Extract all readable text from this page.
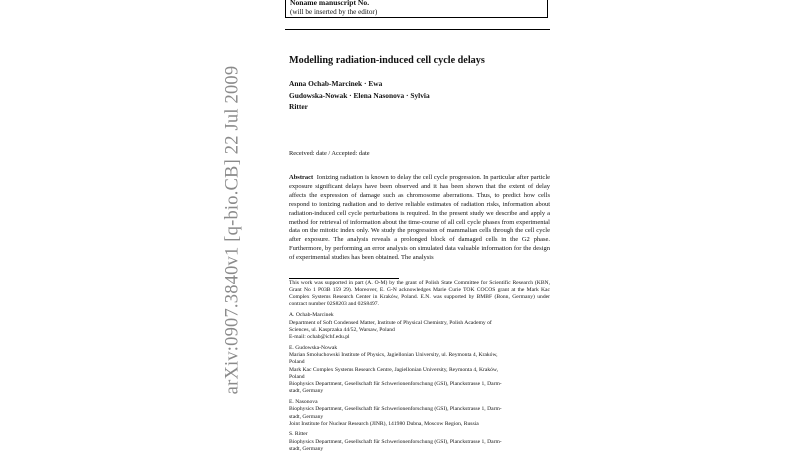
arXiv:0907.3840v1 [q-bio.CB] 22 Jul 2009
Noname manuscript No.
(will be inserted by the editor)
Modelling radiation-induced cell cycle delays
Anna Ochab-Marcinek · Ewa
Gudowska-Nowak · Elena Nasonova · Sylvia
Ritter
Received: date / Accepted: date

Abstract Ionizing radiation is known to delay the cell cycle progression. In particular after particle exposure significant delays have been observed and it has been shown that the extent of delay affects the expression of damage such as chromosome aberrations. Thus, to predict how cells respond to ionizing radiation and to derive reliable estimates of radiation risks, information about radiation-induced cell cycle perturbations is required. In the present study we describe and apply a method for retrieval of information about the time-course of all cell cycle phases from experimental data on the mitotic index only. We study the progression of mammalian cells through the cell cycle after exposure. The analysis reveals a prolonged block of damaged cells in the G2 phase. Furthermore, by performing an error analysis on simulated data valuable information for the design of experimental studies has been obtained. The analysis

This work was supported in part (A. O-M) by the grant of Polish State Committee for Scientific Research (KBN, Grant No 1 P03B 159 29). Moreover, E. G-N acknowledges Marie Curie TOK COCOS grant at the Mark Kac Complex Systems Research Center in Kraków, Poland. E.N. was supported by BMBF (Bonn, Germany) under contract number 02S8203 and 02S8497.

A. Ochab-Marcinek
Department of Soft Condensed Matter, Institute of Physical Chemistry, Polish Academy of
Sciences, ul. Kasprzaka 44/52, Warsaw, Poland
E-mail: ochab@ichf.edu.pl
E. Gudowska-Nowak
Marian Smoluchowski Institute of Physics, Jagiellonian University, ul. Reymonta 4, Kraków,
Poland
Mark Kac Complex Systems Research Centre, Jagiellonian University, Reymonta 4, Kraków,
Poland
Biophysics Department, Gesellschaft für Schwerionenforschung (GSI), Planckstrasse 1, Darm-
stadt, Germany
E. Nasonova
Biophysics Department, Gesellschaft für Schwerionenforschung (GSI), Planckstrasse 1, Darm-
stadt, Germany
Joint Institute for Nuclear Research (JINR), 141980 Dubna, Moscow Region, Russia
S. Ritter
Biophysics Department, Gesellschaft für Schwerionenforschung (GSI), Planckstrasse 1, Darm-
stadt, Germany
